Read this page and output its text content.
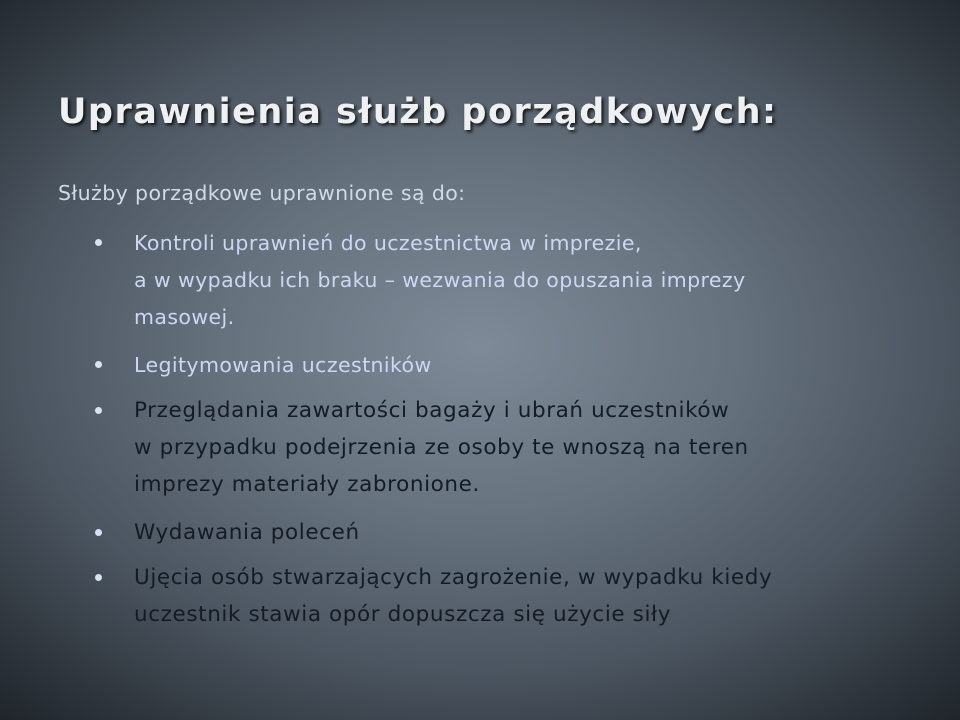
Uprawnienia służb porządkowych:

Służby porządkowe uprawnione są do:

Kontroli uprawnień do uczestnictwa w imprezie,
a w wypadku ich braku – wezwania do opuszania imprezy
masowej.
Legitymowania uczestników
Przeglądania zawartości bagaży i ubrań uczestników
w przypadku podejrzenia ze osoby te wnoszą na teren
imprezy materiały zabronione.
Wydawania poleceń
Ujęcia osób stwarzających zagrożenie, w wypadku kiedy
uczestnik stawia opór dopuszcza się użycie siły
